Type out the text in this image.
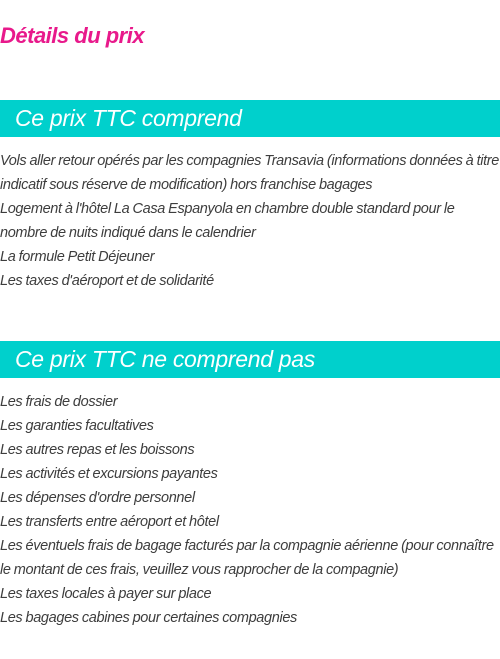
Détails du prix
Ce prix TTC comprend
Vols aller retour opérés par les compagnies Transavia (informations données à titre indicatif sous réserve de modification) hors franchise bagages
Logement à l'hôtel La Casa Espanyola en chambre double standard pour le nombre de nuits indiqué dans le calendrier
La formule Petit Déjeuner
Les taxes d'aéroport et de solidarité
Ce prix TTC ne comprend pas
Les frais de dossier
Les garanties facultatives
Les autres repas et les boissons
Les activités et excursions payantes
Les dépenses d'ordre personnel
Les transferts entre aéroport et hôtel
Les éventuels frais de bagage facturés par la compagnie aérienne (pour connaître le montant de ces frais, veuillez vous rapprocher de la compagnie)
Les taxes locales à payer sur place
Les bagages cabines pour certaines compagnies
